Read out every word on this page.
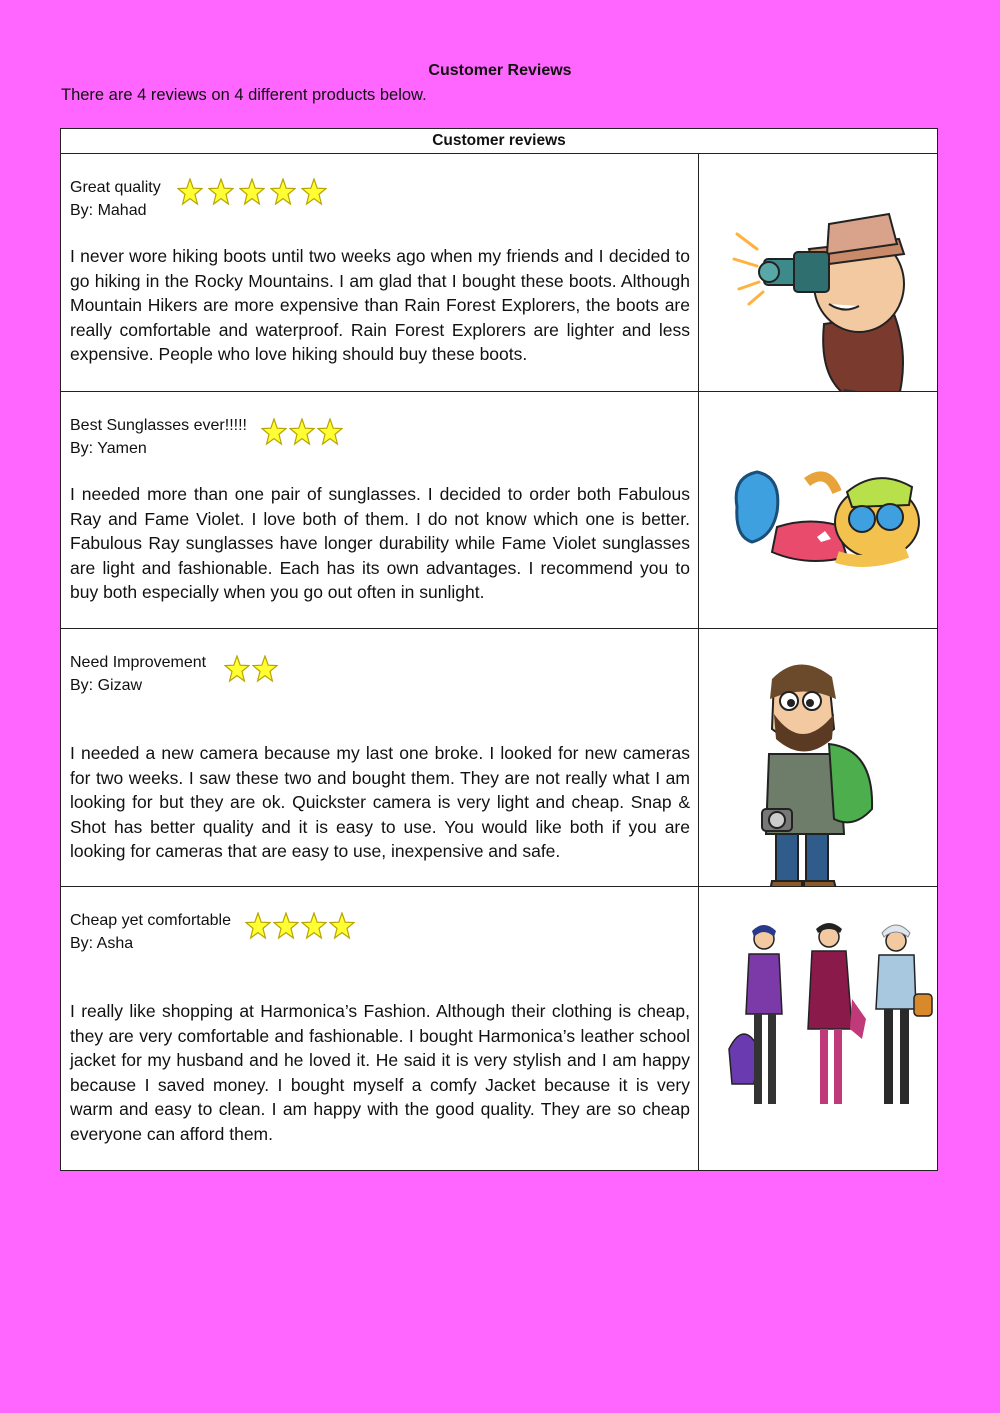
Customer Reviews
There are 4 reviews on 4 different products below.
Customer reviews
Great quality
By: Mahad

I never wore hiking boots until two weeks ago when my friends and I decided to go hiking in the Rocky Mountains. I am glad that I bought these boots. Although Mountain Hikers are more expensive than Rain Forest Explorers, the boots are really comfortable and waterproof. Rain Forest Explorers are lighter and less expensive. People who love hiking should buy these boots.

Best Sunglasses ever!!!!!
By: Yamen

I needed more than one pair of sunglasses. I decided to order both Fabulous Ray and Fame Violet. I love both of them. I do not know which one is better. Fabulous Ray sunglasses have longer durability while Fame Violet sunglasses are light and fashionable. Each has its own advantages. I recommend you to buy both especially when you go out often in sunlight.

Need Improvement
By: Gizaw

I needed a new camera because my last one broke. I looked for new cameras for two weeks. I saw these two and bought them. They are not really what I am looking for but they are ok. Quickster camera is very light and cheap. Snap & Shot has better quality and it is easy to use. You would like both if you are looking for cameras that are easy to use, inexpensive and safe.

Cheap yet comfortable
By: Asha

I really like shopping at Harmonica’s Fashion. Although their clothing is cheap, they are very comfortable and fashionable. I bought Harmonica’s leather school jacket for my husband and he loved it. He said it is very stylish and I am happy because I saved money. I bought myself a comfy Jacket because it is very warm and easy to clean. I am happy with the good quality. They are so cheap everyone can afford them.
